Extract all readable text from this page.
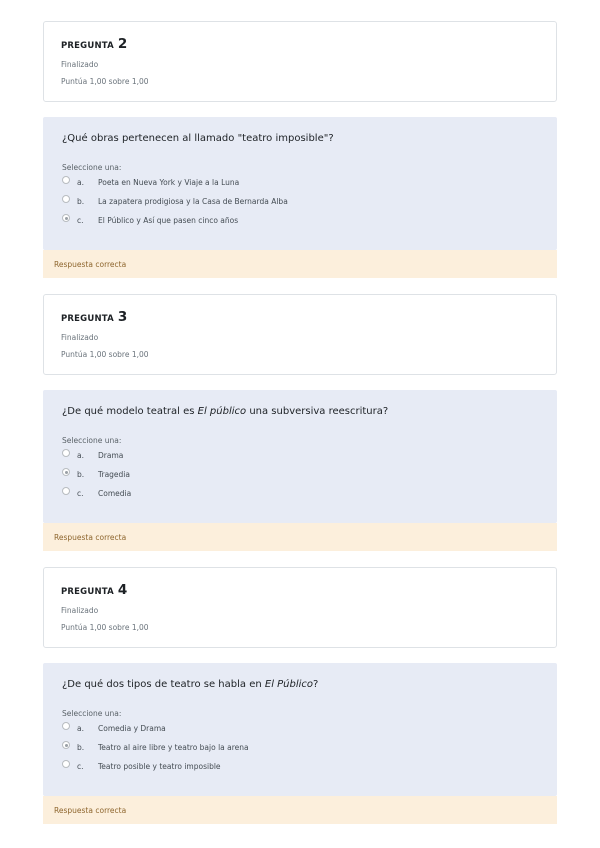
PREGUNTA 2
Finalizado
Puntúa 1,00 sobre 1,00
¿Qué obras pertenecen al llamado "teatro imposible"?
Seleccione una:
a.	Poeta en Nueva York y Viaje a la Luna
b.	La zapatera prodigiosa y la Casa de Bernarda Alba
c.	El Público y Así que pasen cinco años
Respuesta correcta
PREGUNTA 3
Finalizado
Puntúa 1,00 sobre 1,00
¿De qué modelo teatral es El público una subversiva reescritura?
Seleccione una:
a.	Drama
b.	Tragedia
c.	Comedia
Respuesta correcta
PREGUNTA 4
Finalizado
Puntúa 1,00 sobre 1,00
¿De qué dos tipos de teatro se habla en El Público?
Seleccione una:
a.	Comedia y Drama
b.	Teatro al aire libre y teatro bajo la arena
c.	Teatro posible y teatro imposible
Respuesta correcta
